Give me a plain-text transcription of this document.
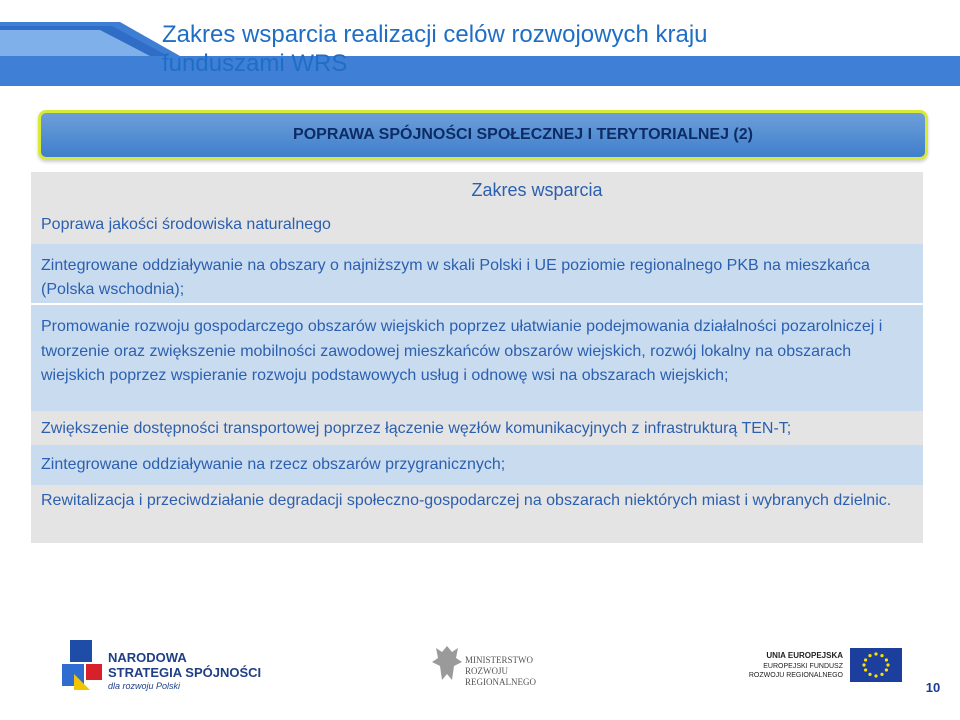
Zakres wsparcia realizacji celów rozwojowych kraju
funduszami WRS
POPRAWA SPÓJNOŚCI SPOŁECZNEJ I TERYTORIALNEJ (2)
Zakres wsparcia
Poprawa jakości środowiska naturalnego
Zintegrowane oddziaływanie na obszary o najniższym w skali Polski i UE poziomie regionalnego PKB na mieszkańca (Polska wschodnia);
Promowanie rozwoju gospodarczego obszarów wiejskich poprzez ułatwianie podejmowania działalności pozarolniczej i tworzenie oraz zwiększenie mobilności zawodowej mieszkańców obszarów wiejskich, rozwój lokalny na obszarach wiejskich poprzez wspieranie rozwoju podstawowych usług i odnowę wsi na obszarach wiejskich;
Zwiększenie dostępności transportowej poprzez łączenie węzłów komunikacyjnych z infrastrukturą TEN-T;
Zintegrowane oddziaływanie na rzecz obszarów przygranicznych;
Rewitalizacja i przeciwdziałanie degradacji społeczno-gospodarczej na obszarach niektórych miast i wybranych dzielnic.
NARODOWA
STRATEGIA SPÓJNOŚCI
dla rozwoju Polski
MINISTERSTWO
ROZWOJU
REGIONALNEGO
UNIA EUROPEJSKA
EUROPEJSKI FUNDUSZ
ROZWOJU REGIONALNEGO
10
